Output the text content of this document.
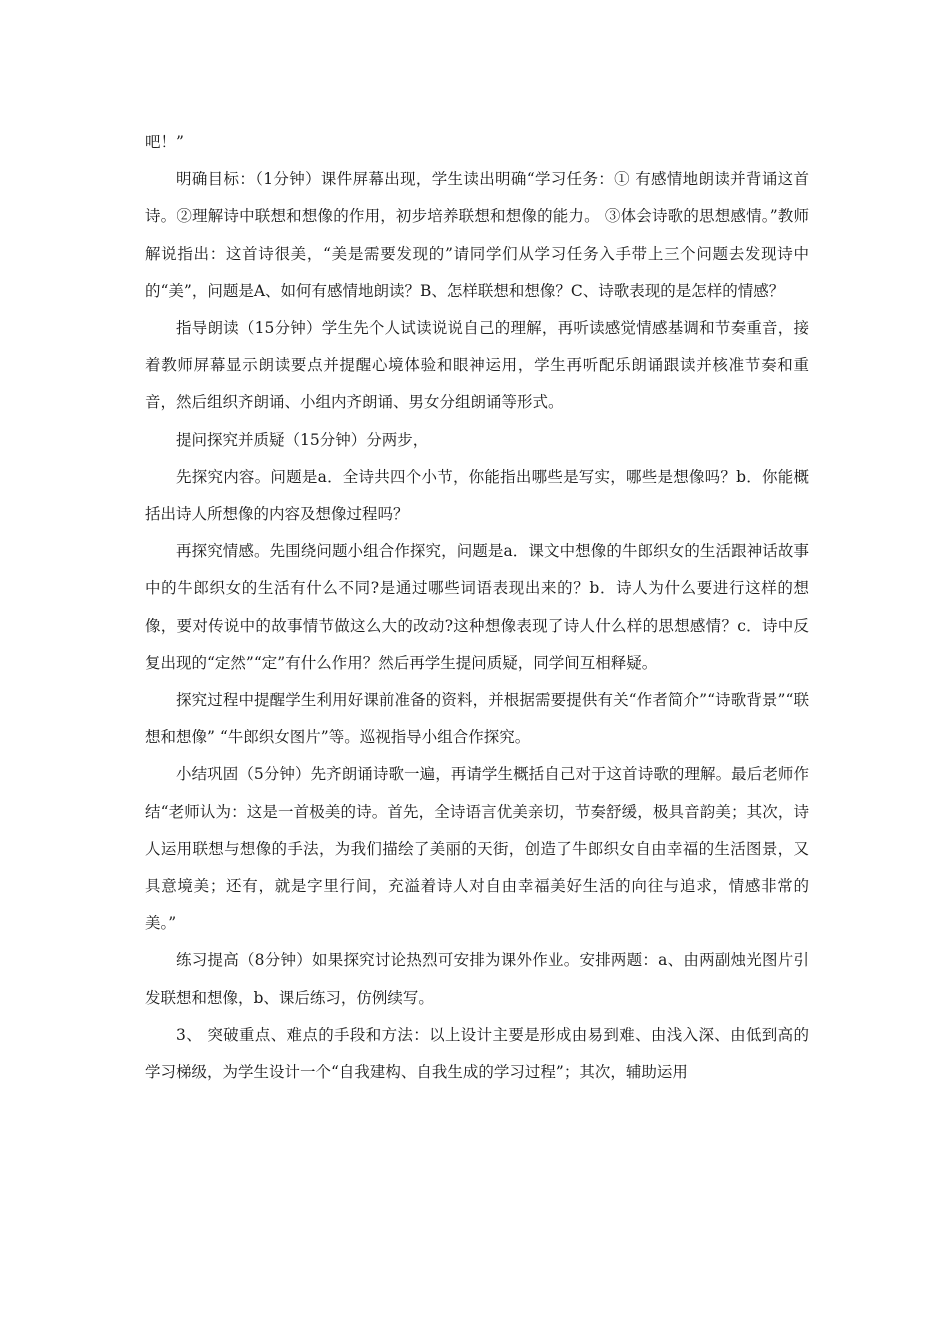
吧！”

明确目标：（1分钟）课件屏幕出现，学生读出明确“学习任务：① 有感情地朗读并背诵这首诗。②理解诗中联想和想像的作用，初步培养联想和想像的能力。 ③体会诗歌的思想感情。”教师解说指出：这首诗很美，“美是需要发现的”请同学们从学习任务入手带上三个问题去发现诗中的“美”，问题是A、如何有感情地朗读？B、怎样联想和想像？C、诗歌表现的是怎样的情感？

指导朗读（15分钟）学生先个人试读说说自己的理解，再听读感觉情感基调和节奏重音，接着教师屏幕显示朗读要点并提醒心境体验和眼神运用，学生再听配乐朗诵跟读并核准节奏和重音，然后组织齐朗诵、小组内齐朗诵、男女分组朗诵等形式。

提问探究并质疑（15分钟）分两步，

先探究内容。问题是a．全诗共四个小节，你能指出哪些是写实，哪些是想像吗？b．你能概括出诗人所想像的内容及想像过程吗？

再探究情感。先围绕问题小组合作探究，问题是a．课文中想像的牛郎织女的生活跟神话故事中的牛郎织女的生活有什么不同?是通过哪些词语表现出来的？b．诗人为什么要进行这样的想像，要对传说中的故事情节做这么大的改动?这种想像表现了诗人什么样的思想感情？c．诗中反复出现的“定然”“定”有什么作用？然后再学生提问质疑，同学间互相释疑。

探究过程中提醒学生利用好课前准备的资料，并根据需要提供有关“作者简介”“诗歌背景”“联想和想像” “牛郎织女图片”等。巡视指导小组合作探究。

小结巩固（5分钟）先齐朗诵诗歌一遍，再请学生概括自己对于这首诗歌的理解。最后老师作结“老师认为：这是一首极美的诗。首先，全诗语言优美亲切，节奏舒缓，极具音韵美；其次，诗人运用联想与想像的手法，为我们描绘了美丽的天街，创造了牛郎织女自由幸福的生活图景，又具意境美；还有，就是字里行间，充溢着诗人对自由幸福美好生活的向往与追求，情感非常的美。”

练习提高（8分钟）如果探究讨论热烈可安排为课外作业。安排两题：a、由两副烛光图片引发联想和想像，b、课后练习，仿例续写。

3、 突破重点、难点的手段和方法：以上设计主要是形成由易到难、由浅入深、由低到高的学习梯级，为学生设计一个“自我建构、自我生成的学习过程”；其次，辅助运用
